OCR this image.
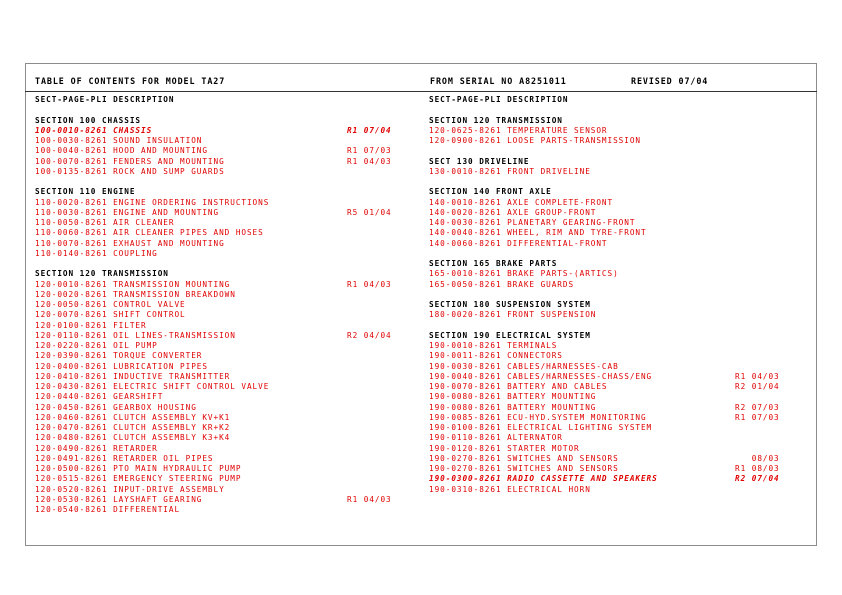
TABLE OF CONTENTS FOR MODEL TA27	FROM SERIAL NO A8251011	REVISED 07/04
SECT-PAGE-PLI DESCRIPTION
SECTION 100 CHASSIS
100-0010-8261 CHASSIS	R1 07/04
100-0030-8261 SOUND INSULATION
100-0040-8261 HOOD AND MOUNTING	R1 07/03
100-0070-8261 FENDERS AND MOUNTING	R1 04/03
100-0135-8261 ROCK AND SUMP GUARDS
SECTION 110 ENGINE
110-0020-8261 ENGINE ORDERING INSTRUCTIONS
110-0030-8261 ENGINE AND MOUNTING	R5 01/04
110-0050-8261 AIR CLEANER
110-0060-8261 AIR CLEANER PIPES AND HOSES
110-0070-8261 EXHAUST AND MOUNTING
110-0140-8261 COUPLING
SECTION 120 TRANSMISSION
120-0010-8261 TRANSMISSION MOUNTING	R1 04/03
120-0020-8261 TRANSMISSION BREAKDOWN
120-0050-8261 CONTROL VALVE
120-0070-8261 SHIFT CONTROL
120-0100-8261 FILTER
120-0110-8261 OIL LINES-TRANSMISSION	R2 04/04
120-0220-8261 OIL PUMP
120-0390-8261 TORQUE CONVERTER
120-0400-8261 LUBRICATION PIPES
120-0410-8261 INDUCTIVE TRANSMITTER
120-0430-8261 ELECTRIC SHIFT CONTROL VALVE
120-0440-8261 GEARSHIFT
120-0450-8261 GEARBOX HOUSING
120-0460-8261 CLUTCH ASSEMBLY KV+K1
120-0470-8261 CLUTCH ASSEMBLY KR+K2
120-0480-8261 CLUTCH ASSEMBLY K3+K4
120-0490-8261 RETARDER
120-0491-8261 RETARDER OIL PIPES
120-0500-8261 PTO MAIN HYDRAULIC PUMP
120-0515-8261 EMERGENCY STEERING PUMP
120-0520-8261 INPUT-DRIVE ASSEMBLY
120-0530-8261 LAYSHAFT GEARING	R1 04/03
120-0540-8261 DIFFERENTIAL
SECT-PAGE-PLI DESCRIPTION
SECTION 120 TRANSMISSION
120-0625-8261 TEMPERATURE SENSOR
120-0900-8261 LOOSE PARTS-TRANSMISSION
SECT 130 DRIVELINE
130-0010-8261 FRONT DRIVELINE
SECTION 140 FRONT AXLE
140-0010-8261 AXLE COMPLETE-FRONT
140-0020-8261 AXLE GROUP-FRONT
140-0030-8261 PLANETARY GEARING-FRONT
140-0040-8261 WHEEL, RIM AND TYRE-FRONT
140-0060-8261 DIFFERENTIAL-FRONT
SECTION 165 BRAKE PARTS
165-0010-8261 BRAKE PARTS-(ARTICS)
165-0050-8261 BRAKE GUARDS
SECTION 180 SUSPENSION SYSTEM
180-0020-8261 FRONT SUSPENSION
SECTION 190 ELECTRICAL SYSTEM
190-0010-8261 TERMINALS
190-0011-8261 CONNECTORS
190-0030-8261 CABLES/HARNESSES-CAB
190-0040-8261 CABLES/HARNESSES-CHASS/ENG	R1 04/03
190-0070-8261 BATTERY AND CABLES	R2 01/04
190-0080-8261 BATTERY MOUNTING
190-0080-8261 BATTERY MOUNTING	R2 07/03
190-0085-8261 ECU-HYD.SYSTEM MONITORING	R1 07/03
190-0100-8261 ELECTRICAL LIGHTING SYSTEM
190-0110-8261 ALTERNATOR
190-0120-8261 STARTER MOTOR
190-0270-8261 SWITCHES AND SENSORS	08/03
190-0270-8261 SWITCHES AND SENSORS	R1 08/03
190-0300-8261 RADIO CASSETTE AND SPEAKERS	R2 07/04
190-0310-8261 ELECTRICAL HORN
